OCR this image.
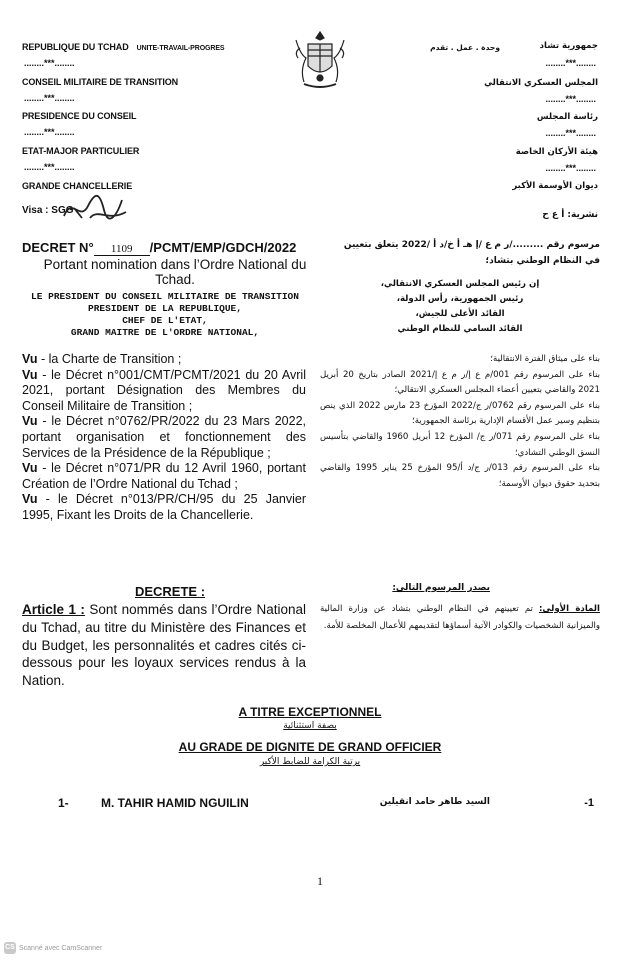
REPUBLIQUE DU TCHAD UNITE-TRAVAIL-PROGRES
........***........
CONSEIL MILITAIRE DE TRANSITION
........***........
PRESIDENCE DU CONSEIL
........***........
ETAT-MAJOR PARTICULIER
........***........
GRANDE CHANCELLERIE
Visa : SGG
جمهورية تشاد
وحدة . عمل . تقدم
........***........
المجلس العسكري الانتقالي
........***........
رئاسة المجلس
........***........
هيئة الأركان الخاصة
........***........
ديوان الأوسمة الأكبر
نشرية: أ ع ح
DECRET N° 1109 /PCMT/EMP/GDCH/2022
Portant nomination dans l’Ordre National du Tchad.
LE PRESIDENT DU CONSEIL MILITAIRE DE TRANSITION
PRESIDENT DE LA REPUBLIQUE,
CHEF DE L'ETAT,
GRAND MAITRE DE L'ORDRE NATIONAL,
Vu - la Charte de Transition ;
Vu - le Décret n°001/CMT/PCMT/2021 du 20 Avril 2021, portant Désignation des Membres du Conseil Militaire de Transition ;
Vu - le Décret n°0762/PR/2022 du 23 Mars 2022, portant organisation et fonctionnement des Services de la Présidence de la République ;
Vu - le Décret n°071/PR du 12 Avril 1960, portant Création de l’Ordre National du Tchad ;
Vu - le Décret n°013/PR/CH/95 du 25 Janvier 1995, Fixant les Droits de la Chancellerie.
DECRETE :
Article 1 : Sont nommés dans l’Ordre National du Tchad, au titre du Ministère des Finances et du Budget, les personnalités et cadres cités ci-dessous pour les loyaux services rendus à la Nation.
مرسوم رقم ........./ر م ع /إ هـ أ خ/د أ /2022 يتعلق بتعيين
في النظام الوطني بتشاد؛
إن رئيس المجلس العسكري الانتقالي،
رئيس الجمهورية، رأس الدولة،
القائد الأعلى للجيش،
القائد السامي للنظام الوطني
بناء على ميثاق الفترة الانتقالية؛
بناء على المرسوم رقم 001/م ع إ/ر م ع إ/2021 الصادر بتاريخ 20 أبريل 2021 والقاضي بتعيين أعضاء المجلس العسكري الانتقالي؛
بناء على المرسوم رقم 0762/ر ج/2022 المؤرخ 23 مارس 2022 الذي ينص بتنظيم وسير عمل الأقسام الإدارية برئاسة الجمهورية؛
بناء على المرسوم رقم 071/ر ج/ المؤرخ 12 أبريل 1960 والقاضي بتأسيس النسق الوطني التشادي؛
بناء على المرسوم رقم 013/ر ج/د أ/95 المؤرخ 25 يناير 1995 والقاضي بتحديد حقوق ديوان الأوسمة؛
يصدر المرسوم التالي:
المادة الأولى: تم تعيينهم في النظام الوطني بتشاد عن وزارة المالية والميزانية الشخصيات والكوادر الآتية أسماؤها لتقديمهم للأعمال المخلصة للأمة.
A TITRE EXCEPTIONNEL
بصفة استثنائية
AU GRADE DE DIGNITE DE GRAND OFFICIER
برتبة الكرامة للضابط الأكبر
1-	M. TAHIR HAMID NGUILIN	السيد طاهر حامد انقيلين	-1
1
CS Scanné avec CamScanner
